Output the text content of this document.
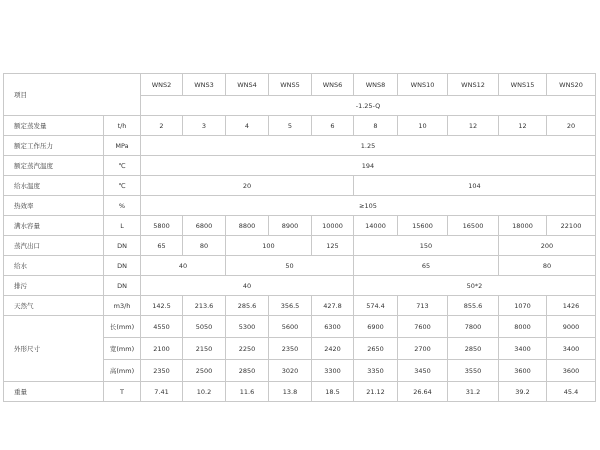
项目		WNS2	WNS3	WNS4	WNS5	WNS6	WNS8	WNS10	WNS12	WNS15	WNS20
		-1.25-Q									
额定蒸发量	t/h	2	3	4	5	6	8	10	12	12	20
额定工作压力	MPa	1.25									
额定蒸汽温度	℃	194									
给水温度	℃	20					104				
热效率	%	≥105									
满水容量	L	5800	6800	8800	8900	10000	14000	15600	16500	18000	22100
蒸汽出口	DN	65	80	100		125	150			200	
给水	DN	40		50			65			80	
排污	DN	40					50*2				
天然气	m3/h	142.5	213.6	285.6	356.5	427.8	574.4	713	855.6	1070	1426
外形尺寸	长(mm)	4550	5050	5300	5600	6300	6900	7600	7800	8000	9000
	宽(mm)	2100	2150	2250	2350	2420	2650	2700	2850	3400	3400
	高(mm)	2350	2500	2850	3020	3300	3350	3450	3550	3600	3600
重量	T	7.41	10.2	11.6	13.8	18.5	21.12	26.64	31.2	39.2	45.4
